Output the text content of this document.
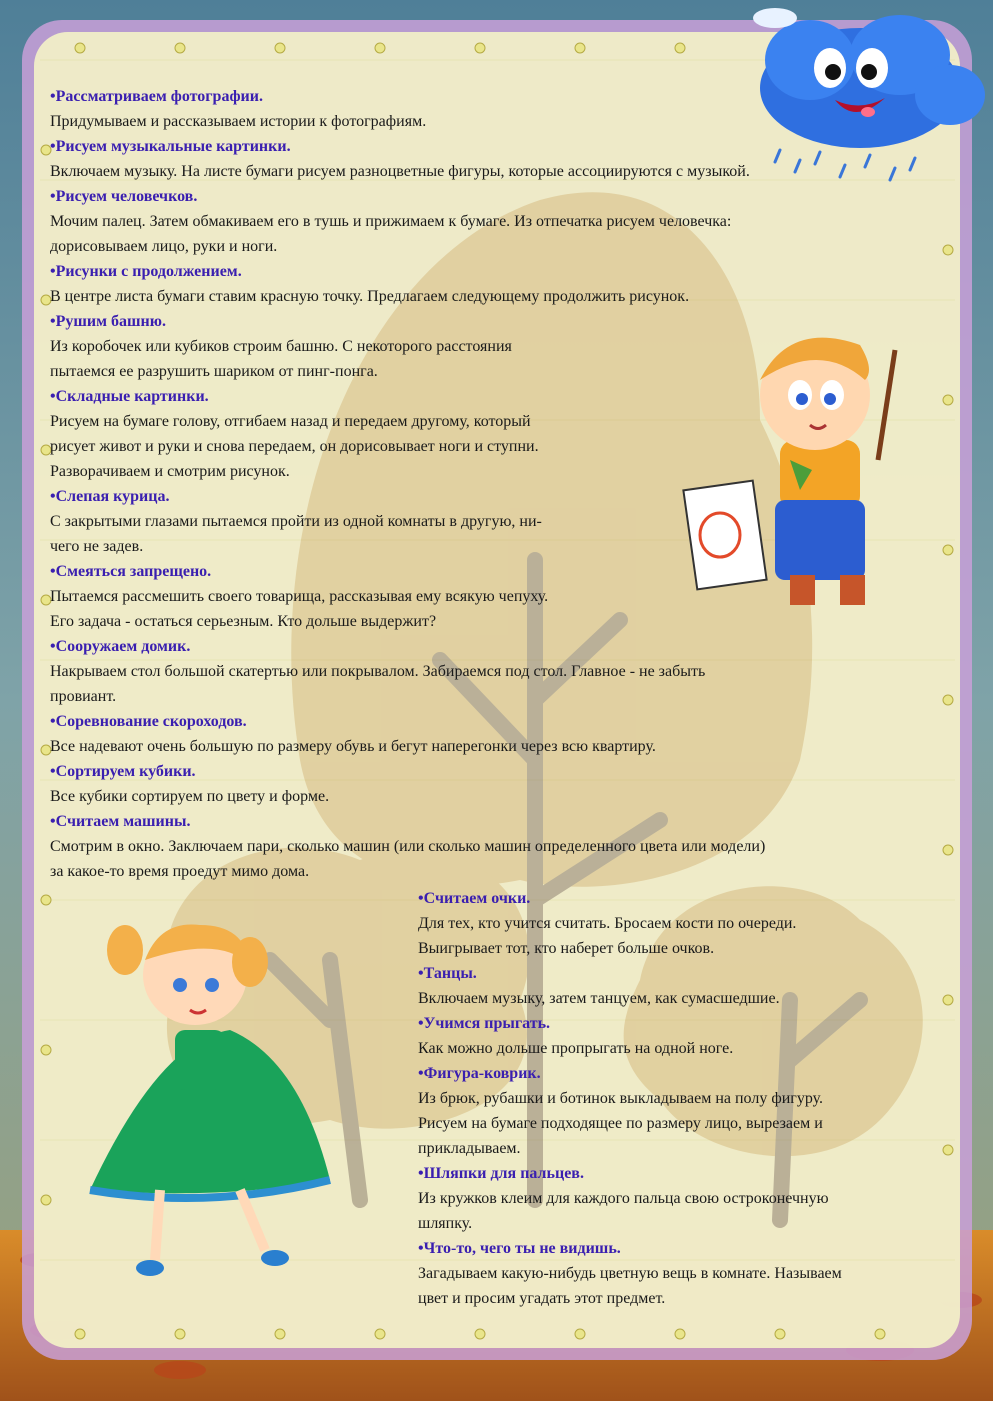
•Рассматриваем фотографии.

Придумываем и рассказываем истории к фотографиям.

•Рисуем музыкальные картинки.

Включаем музыку. На листе бумаги рисуем разноцветные фигуры, которые ассоциируются с музыкой.

•Рисуем человечков.

Мочим палец. Затем обмакиваем его в тушь и прижимаем к бумаге. Из отпечатка рисуем человечка:

дорисовываем лицо, руки и ноги.

•Рисунки с продолжением.

В центре листа бумаги ставим красную точку. Предлагаем следующему продолжить рисунок.

•Рушим башню.

Из коробочек или кубиков строим башню. С некоторого расстояния

пытаемся ее разрушить шариком от пинг-понга.

•Складные картинки.

Рисуем на бумаге голову, отгибаем назад и передаем другому, который

рисует живот и руки и снова передаем, он дорисовывает ноги и ступни.

Разворачиваем и смотрим рисунок.

•Слепая курица.

С закрытыми глазами пытаемся пройти из одной комнаты в другую, ни-

чего не задев.

•Смеяться запрещено.

Пытаемся рассмешить своего товарища, рассказывая ему всякую чепуху.

Его задача - остаться серьезным. Кто дольше выдержит?

•Сооружаем домик.

Накрываем стол большой скатертью или покрывалом. Забираемся под стол. Главное - не забыть

провиант.

•Соревнование скороходов.

Все надевают очень большую по размеру обувь и бегут наперегонки через всю квартиру.

•Сортируем кубики.

Все кубики сортируем по цвету и форме.

•Считаем машины.

Смотрим в окно. Заключаем пари, сколько машин (или сколько машин определенного цвета или модели)

за какое-то время проедут мимо дома.

•Считаем очки.

Для тех, кто учится считать. Бросаем кости по очереди.

Выигрывает тот, кто наберет больше очков.

•Танцы.

Включаем музыку, затем танцуем, как сумасшедшие.

•Учимся прыгать.

Как можно дольше пропрыгать на одной ноге.

•Фигура-коврик.

Из брюк, рубашки и ботинок выкладываем на полу фигуру.

Рисуем на бумаге подходящее по размеру лицо, вырезаем и

прикладываем.

•Шляпки для пальцев.

Из кружков клеим для каждого пальца свою остроконечную

шляпку.

•Что-то, чего ты не видишь.

Загадываем какую-нибудь цветную вещь в комнате. Называем

цвет и просим угадать этот предмет.
